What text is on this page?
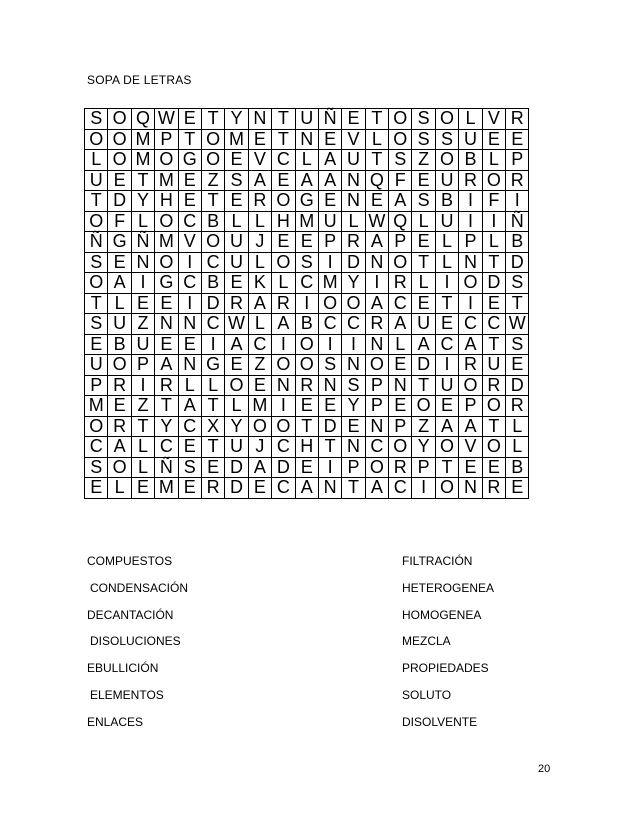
SOPA DE LETRAS
S	O	Q	W	E	T	Y	N	T	U	Ñ	E	T	O	S	O	L	V	R
O	O	M	P	T	O	M	E	T	N	E	V	L	O	S	S	U	E	E
L	O	M	O	G	O	E	V	C	L	A	U	T	S	Z	O	B	L	P
U	E	T	M	E	Z	S	A	E	A	A	N	Q	F	E	U	R	O	R
T	D	Y	H	E	T	E	R	O	G	E	N	E	A	S	B	I	F	I
O	F	L	O	C	B	L	L	H	M	U	L	W	Q	L	U	I	I	Ñ
Ñ	G	Ñ	M	V	O	U	J	E	E	P	R	A	P	E	L	P	L	B
S	E	N	O	I	C	U	L	O	S	I	D	N	O	T	L	N	T	D
O	A	I	G	C	B	E	K	L	C	M	Y	I	R	L	I	O	D	S
T	L	E	E	I	D	R	A	R	I	O	O	A	C	E	T	I	E	T
S	U	Z	N	N	C	W	L	A	B	C	C	R	A	U	E	C	C	W
E	B	U	E	E	I	A	C	I	O	I	I	N	L	A	C	A	T	S
U	O	P	A	N	G	E	Z	O	O	S	N	O	E	D	I	R	U	E
P	R	I	R	L	L	O	E	N	R	N	S	P	N	T	U	O	R	D
M	E	Z	T	A	T	L	M	I	E	E	Y	P	E	O	E	P	O	R
O	R	T	Y	C	X	Y	O	O	T	D	E	N	P	Z	A	A	T	L
C	A	L	C	E	T	U	J	C	H	T	N	C	O	Y	O	V	O	L
S	O	L	Ñ	S	E	D	A	D	E	I	P	O	R	P	T	E	E	B
E	L	E	M	E	R	D	E	C	A	N	T	A	C	I	O	N	R	E
COMPUESTOS	FILTRACIÓN
CONDENSACIÓN	HETEROGENEA
DECANTACIÓN	HOMOGENEA
DISOLUCIONES	MEZCLA
EBULLICIÓN	PROPIEDADES
ELEMENTOS	SOLUTO
ENLACES	DISOLVENTE
20
